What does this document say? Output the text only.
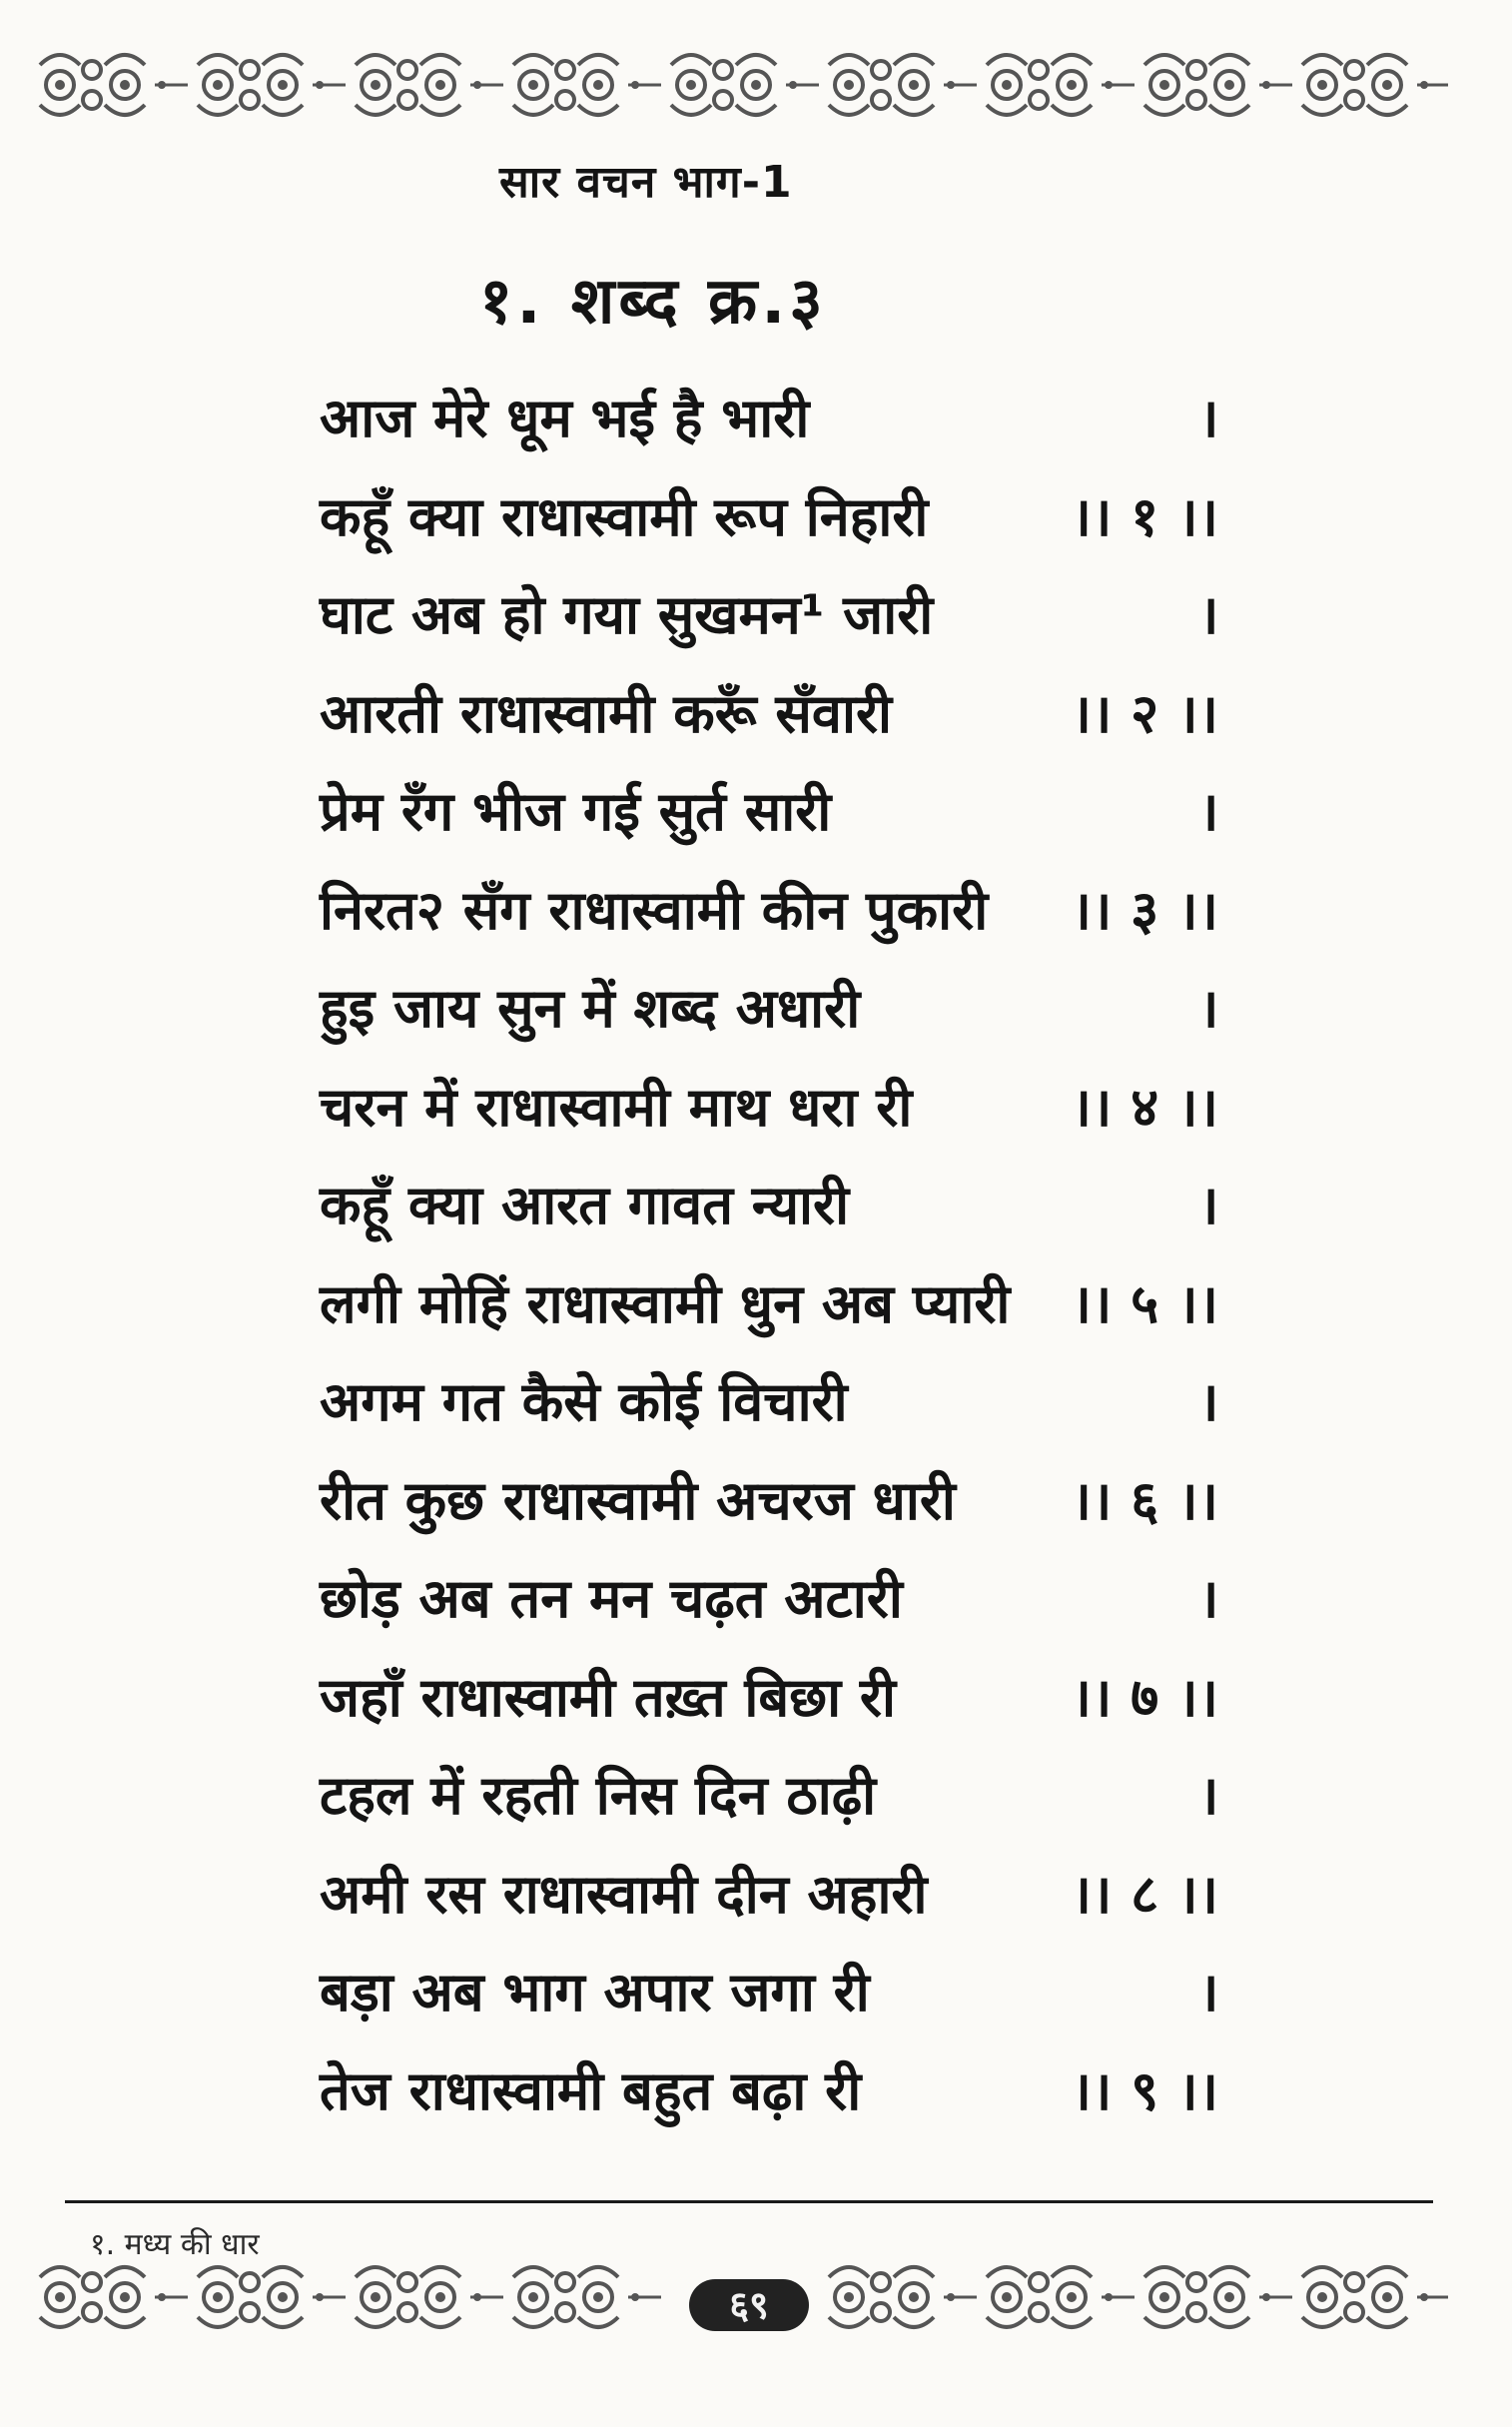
सार वचन भाग-1
१. शब्द क्र.३
आज मेरे धूम भई है भारी	।
कहूँ क्या राधास्वामी रूप निहारी	।। १ ।।
घाट अब हो गया सुखमन¹ जारी	।
आरती राधास्वामी करूँ सँवारी	।। २ ।।
प्रेम रँग भीज गई सुर्त सारी	।
निरत२ सँग राधास्वामी कीन पुकारी ।। ३ ।।
हुइ जाय सुन में शब्द अधारी	।
चरन में राधास्वामी माथ धरा री	।। ४ ।।
कहूँ क्या आरत गावत न्यारी	।
लगी मोहिं राधास्वामी धुन अब प्यारी ।। ५ ।।
अगम गत कैसे कोई विचारी	।
रीत कुछ राधास्वामी अचरज धारी ।। ६ ।।
छोड़ अब तन मन चढ़त अटारी	।
जहाँ राधास्वामी तख़्त बिछा री	।। ७ ।।
टहल में रहती निस दिन ठाढ़ी	।
अमी रस राधास्वामी दीन अहारी	।। ८ ।।
बड़ा अब भाग अपार जगा री	।
तेज राधास्वामी बहुत बढ़ा री	।। ९ ।।
१. मध्य की धार
६९
